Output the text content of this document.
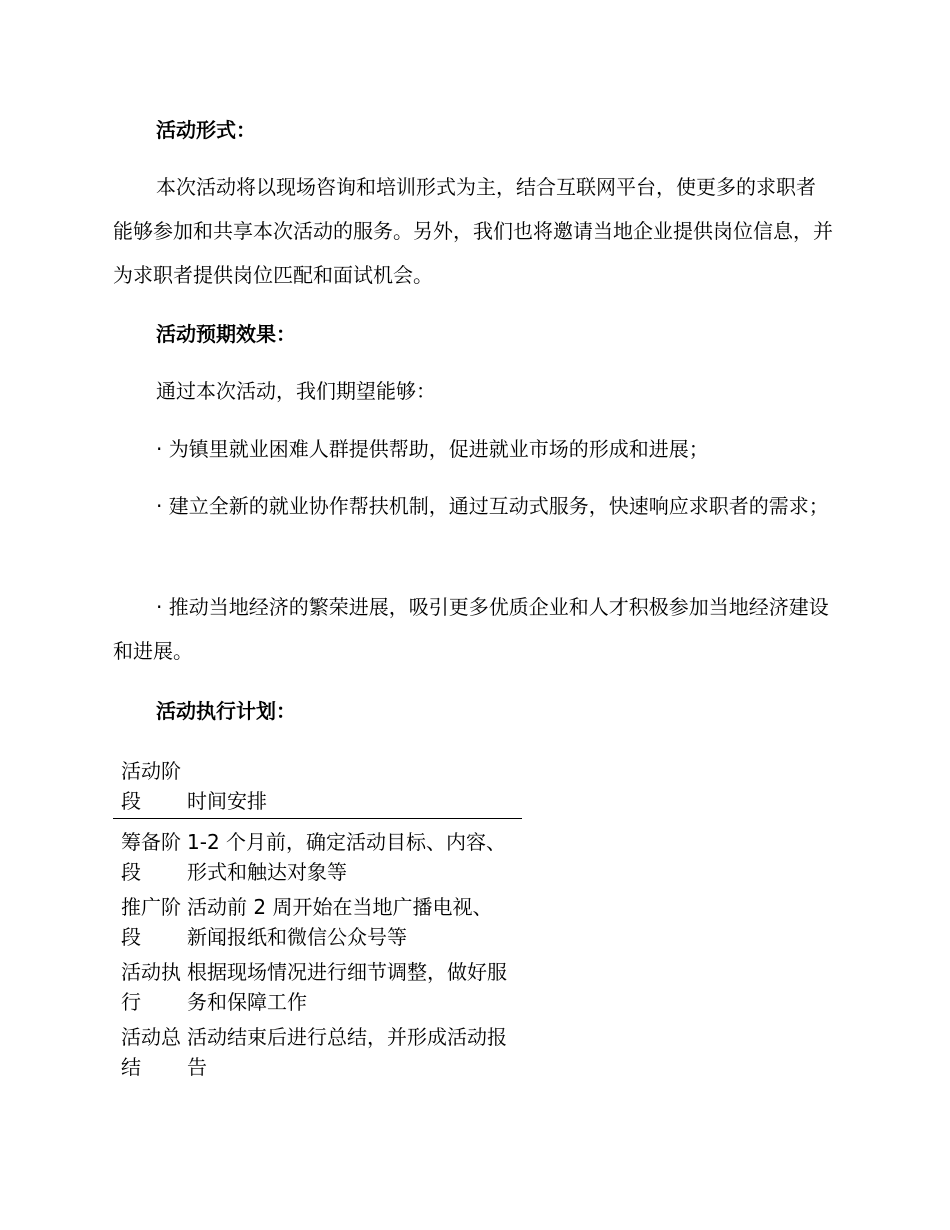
活动形式：

本次活动将以现场咨询和培训形式为主，结合互联网平台，使更多的求职者能够参加和共享本次活动的服务。另外，我们也将邀请当地企业提供岗位信息，并为求职者提供岗位匹配和面试机会。

活动预期效果：

通过本次活动，我们期望能够：

· 为镇里就业困难人群提供帮助，促进就业市场的形成和进展；

· 建立全新的就业协作帮扶机制，通过互动式服务，快速响应求职者的需求；

· 推动当地经济的繁荣进展，吸引更多优质企业和人才积极参加当地经济建设和进展。

活动执行计划：
活动阶段	时间安排
筹备阶段	1-2 个月前，确定活动目标、内容、形式和触达对象等
推广阶段	活动前 2 周开始在当地广播电视、新闻报纸和微信公众号等
活动执行	根据现场情况进行细节调整，做好服务和保障工作
活动总结	活动结束后进行总结，并形成活动报告
